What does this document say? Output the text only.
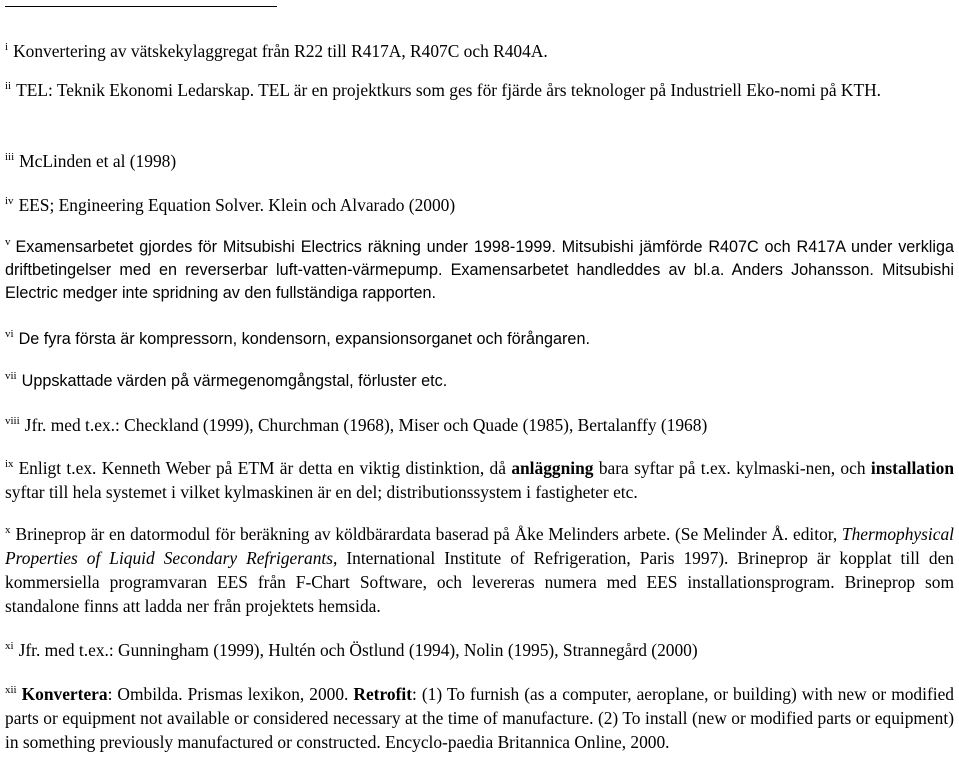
$^i$ Konvertering av vätskekylaggregat från R22 till R417A, R407C och R404A.

$^{ii}$ TEL: Teknik Ekonomi Ledarskap. TEL är en projektkurs som ges för fjärde års teknologer på Industriell Eko-nomi på KTH.

$^{iii}$ McLinden et al (1998)

$^{iv}$ EES; Engineering Equation Solver. Klein och Alvarado (2000)

$^v$ Examensarbetet gjordes för Mitsubishi Electrics räkning under 1998-1999. Mitsubishi jämförde R407C och R417A under verkliga driftbetingelser med en reverserbar luft-vatten-värmepump. Examensarbetet handleddes av bl.a. Anders Johansson. Mitsubishi Electric medger inte spridning av den fullständiga rapporten.

$^{vi}$ De fyra första är kompressorn, kondensorn, expansionsorganet och förångaren.

$^{vii}$ Uppskattade värden på värmegenomgångstal, förluster etc.

$^{viii}$ Jfr. med t.ex.: Checkland (1999), Churchman (1968), Miser och Quade (1985), Bertalanffy (1968)

$^{ix}$ Enligt t.ex. Kenneth Weber på ETM är detta en viktig distinktion, då anläggning bara syftar på t.ex. kylmaski-nen, och installation syftar till hela systemet i vilket kylmaskinen är en del; distributionssystem i fastigheter etc.

$^x$ Brineprop är en datormodul för beräkning av köldbärardata baserad på Åke Melinders arbete. (Se Melinder Å. editor, Thermophysical Properties of Liquid Secondary Refrigerants, International Institute of Refrigeration, Paris 1997). Brineprop är kopplat till den kommersiella programvaran EES från F-Chart Software, och levereras numera med EES installationsprogram. Brineprop som standalone finns att ladda ner från projektets hemsida.

$^{xi}$ Jfr. med t.ex.: Gunningham (1999), Hultén och Östlund (1994), Nolin (1995), Strannegård (2000)

$^{xii}$ Konvertera: Ombilda. Prismas lexikon, 2000. Retrofit: (1) To furnish (as a computer, aeroplane, or building) with new or modified parts or equipment not available or considered necessary at the time of manufacture. (2) To install (new or modified parts or equipment) in something previously manufactured or constructed. Encyclo-paedia Britannica Online, 2000.
